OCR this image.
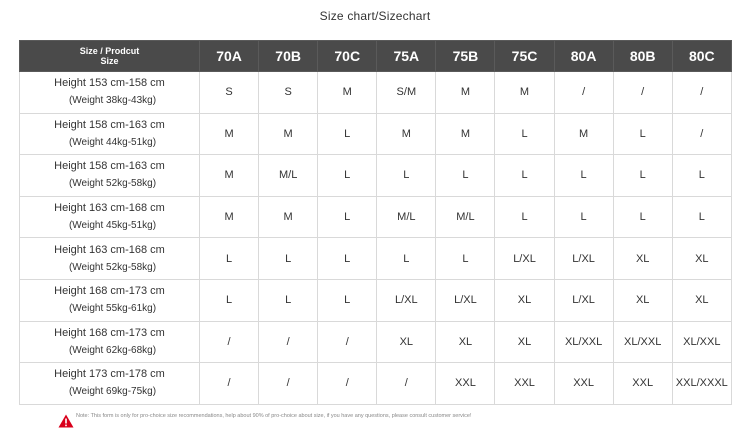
Size chart/Sizechart
Size / Prodcut
Size	70A	70B	70C	75A	75B	75C	80A	80B	80C

Height 153 cm-158 cm
(Weight 38kg-43kg)	S	S	M	S/M	M	M	/	/	/

Height 158 cm-163 cm
(Weight 44kg-51kg)	M	M	L	M	M	L	M	L	/

Height 158 cm-163 cm
(Weight 52kg-58kg)	M	M/L	L	L	L	L	L	L	L

Height 163 cm-168 cm
(Weight 45kg-51kg)	M	M	L	M/L	M/L	L	L	L	L

Height 163 cm-168 cm
(Weight 52kg-58kg)	L	L	L	L	L	L/XL	L/XL	XL	XL

Height 168 cm-173 cm
(Weight 55kg-61kg)	L	L	L	L/XL	L/XL	XL	L/XL	XL	XL

Height 168 cm-173 cm
(Weight 62kg-68kg)	/	/	/	XL	XL	XL	XL/XXL	XL/XXL	XL/XXL

Height 173 cm-178 cm
(Weight 69kg-75kg)	/	/	/	/	XXL	XXL	XXL	XXL	XXL/XXXL
Note: This form is only for pro-choice size recommendations, help about 90% of pro-choice about size, if you have any questions, please consult customer service!
